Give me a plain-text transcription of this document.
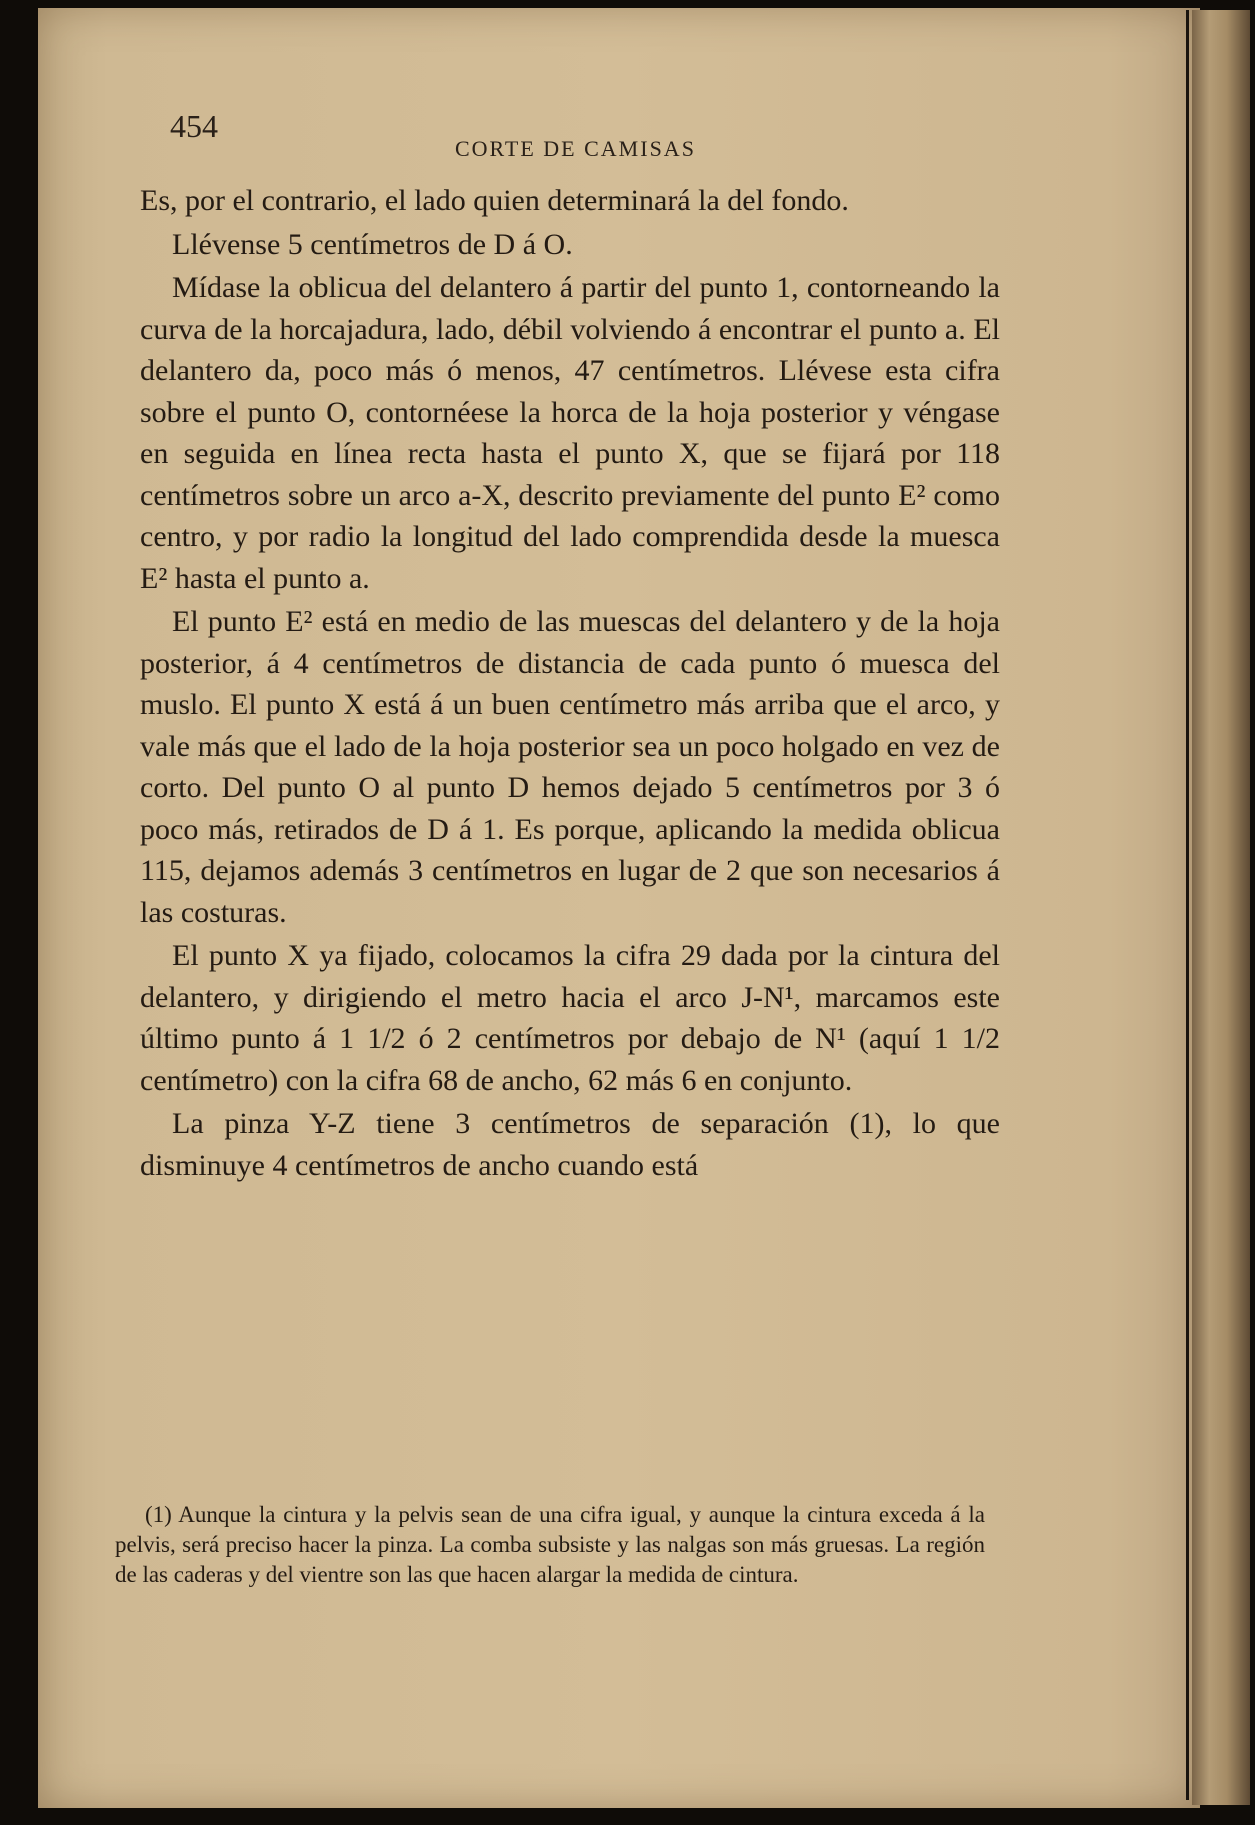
454
CORTE DE CAMISAS

Es, por el contrario, el lado quien determinará la del fondo.

Llévense 5 centímetros de D á O.

Mídase la oblicua del delantero á partir del punto 1, contorneando la curva de la horcajadura, lado, débil volviendo á encontrar el punto a. El delantero da, poco más ó menos, 47 centímetros. Llévese esta cifra sobre el punto O, contornéese la horca de la hoja posterior y véngase en seguida en línea recta hasta el punto X, que se fijará por 118 centímetros sobre un arco a-X, descrito previamente del punto E² como centro, y por radio la longitud del lado comprendida desde la muesca E² hasta el punto a.

El punto E² está en medio de las muescas del delantero y de la hoja posterior, á 4 centímetros de distancia de cada punto ó muesca del muslo. El punto X está á un buen centímetro más arriba que el arco, y vale más que el lado de la hoja posterior sea un poco holgado en vez de corto. Del punto O al punto D hemos dejado 5 centímetros por 3 ó poco más, retirados de D á 1. Es porque, aplicando la medida oblicua 115, dejamos además 3 centímetros en lugar de 2 que son necesarios á las costuras.

El punto X ya fijado, colocamos la cifra 29 dada por la cintura del delantero, y dirigiendo el metro hacia el arco J-N¹, marcamos este último punto á 1 1/2 ó 2 centímetros por debajo de N¹ (aquí 1 1/2 centímetro) con la cifra 68 de ancho, 62 más 6 en conjunto.

La pinza Y-Z tiene 3 centímetros de separación (1), lo que disminuye 4 centímetros de ancho cuando está

(1) Aunque la cintura y la pelvis sean de una cifra igual, y aunque la cintura exceda á la pelvis, será preciso hacer la pinza. La comba subsiste y las nalgas son más gruesas. La región de las caderas y del vientre son las que hacen alargar la medida de cintura.
